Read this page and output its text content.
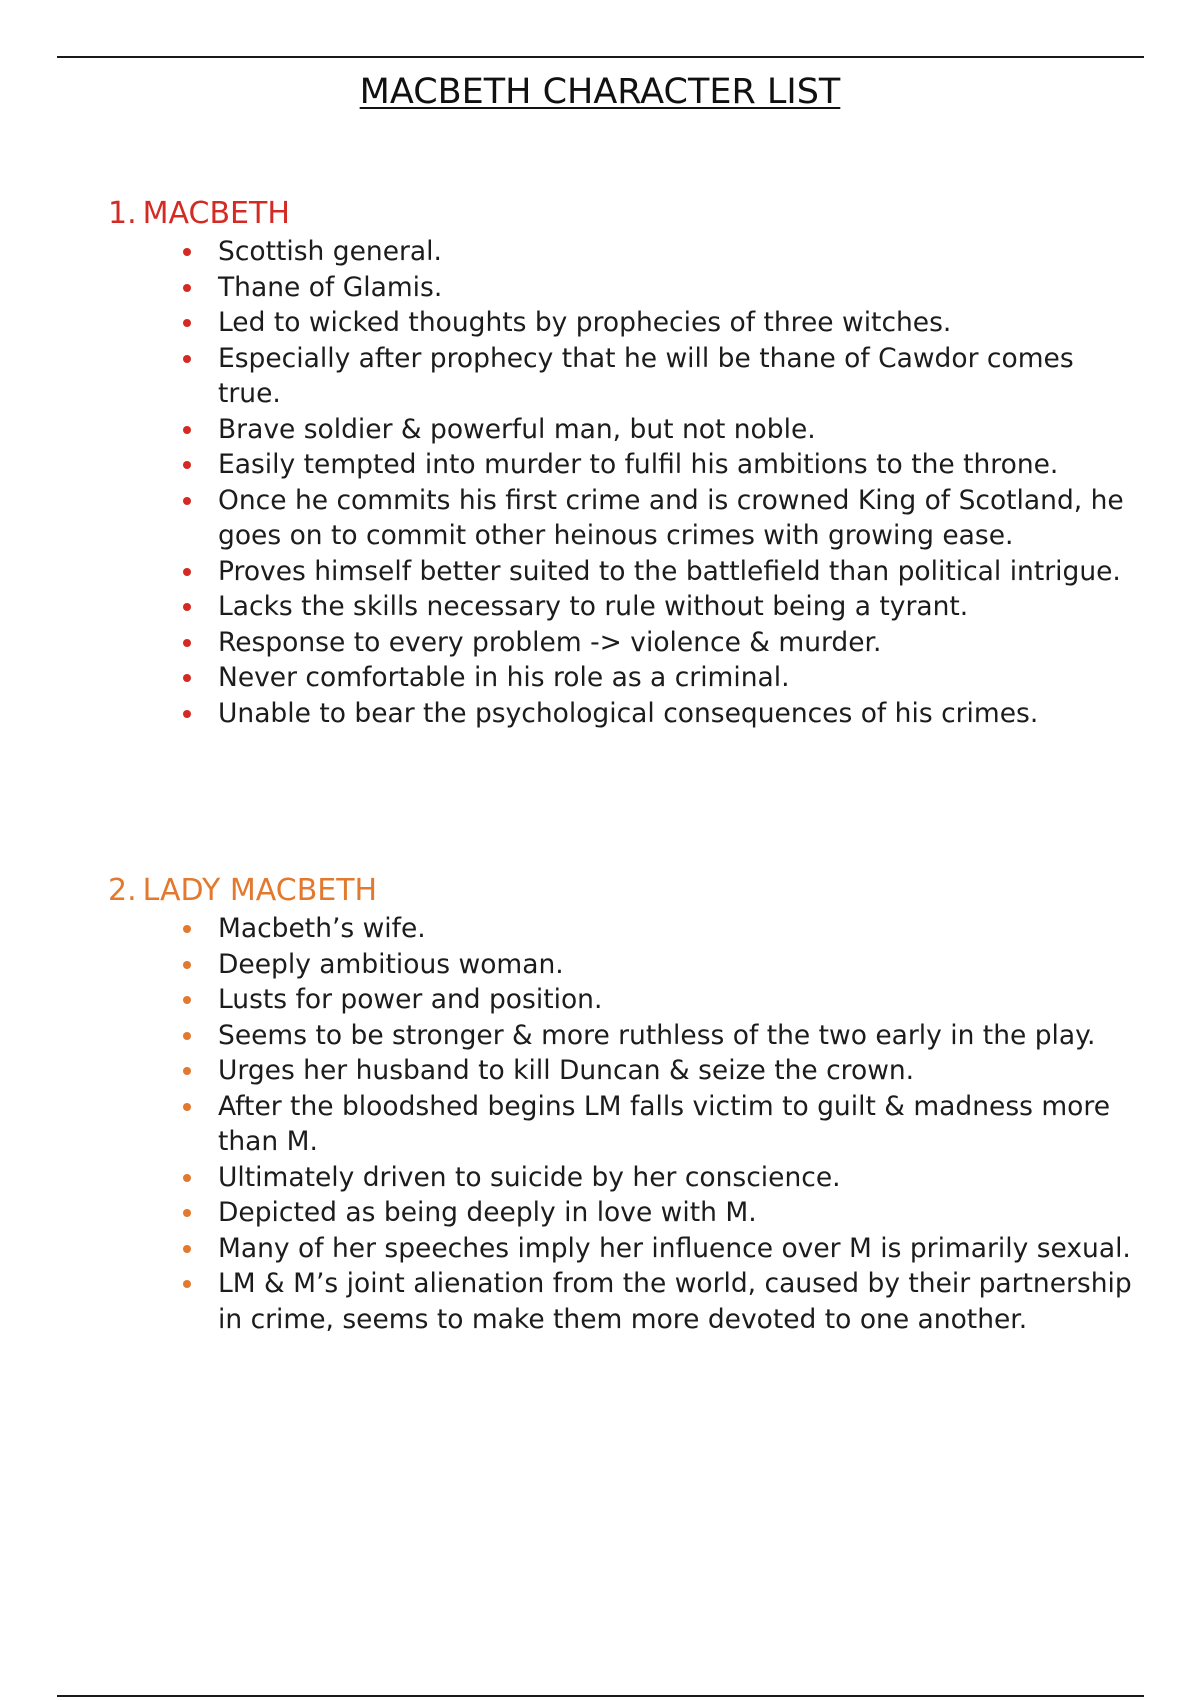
MACBETH CHARACTER LIST
1. MACBETH
Scottish general.
Thane of Glamis.
Led to wicked thoughts by prophecies of three witches.
Especially after prophecy that he will be thane of Cawdor comes true.
Brave soldier & powerful man, but not noble.
Easily tempted into murder to fulfil his ambitions to the throne.
Once he commits his first crime and is crowned King of Scotland, he goes on to commit other heinous crimes with growing ease.
Proves himself better suited to the battlefield than political intrigue.
Lacks the skills necessary to rule without being a tyrant.
Response to every problem -> violence & murder.
Never comfortable in his role as a criminal.
Unable to bear the psychological consequences of his crimes.
2. LADY MACBETH
Macbeth’s wife.
Deeply ambitious woman.
Lusts for power and position.
Seems to be stronger & more ruthless of the two early in the play.
Urges her husband to kill Duncan & seize the crown.
After the bloodshed begins LM falls victim to guilt & madness more than M.
Ultimately driven to suicide by her conscience.
Depicted as being deeply in love with M.
Many of her speeches imply her influence over M is primarily sexual.
LM & M’s joint alienation from the world, caused by their partnership in crime, seems to make them more devoted to one another.
